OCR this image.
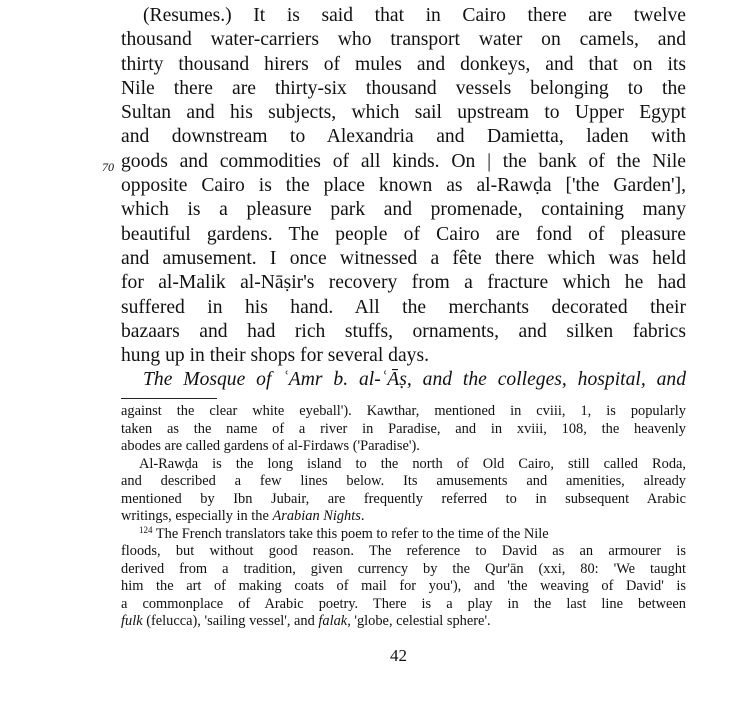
(Resumes.) It is said that in Cairo there are twelve
thousand water-carriers who transport water on camels, and
thirty thousand hirers of mules and donkeys, and that on its
Nile there are thirty-six thousand vessels belonging to the
Sultan and his subjects, which sail upstream to Upper Egypt
and downstream to Alexandria and Damietta, laden with
70 goods and commodities of all kinds. On | the bank of the Nile
opposite Cairo is the place known as al-Rawḍa ['the Garden'],
which is a pleasure park and promenade, containing many
beautiful gardens. The people of Cairo are fond of pleasure
and amusement. I once witnessed a fête there which was held
for al-Malik al-Nāṣir's recovery from a fracture which he had
suffered in his hand. All the merchants decorated their
bazaars and had rich stuffs, ornaments, and silken fabrics
hung up in their shops for several days.
The Mosque of ʿAmr b. al-ʿĀṣ, and the colleges, hospital, and
against the clear white eyeball'). Kawthar, mentioned in cviii, 1, is popularly
taken as the name of a river in Paradise, and in xviii, 108, the heavenly
abodes are called gardens of al-Firdaws ('Paradise').
Al-Rawḍa is the long island to the north of Old Cairo, still called Roda,
and described a few lines below. Its amusements and amenities, already
mentioned by Ibn Jubair, are frequently referred to in subsequent Arabic
writings, especially in the Arabian Nights.
$^{124}$ The French translators take this poem to refer to the time of the Nile
floods, but without good reason. The reference to David as an armourer is
derived from a tradition, given currency by the Qur'ān (xxi, 80: 'We taught
him the art of making coats of mail for you'), and 'the weaving of David' is
a commonplace of Arabic poetry. There is a play in the last line between
fulk (felucca), 'sailing vessel', and falak, 'globe, celestial sphere'.
42
